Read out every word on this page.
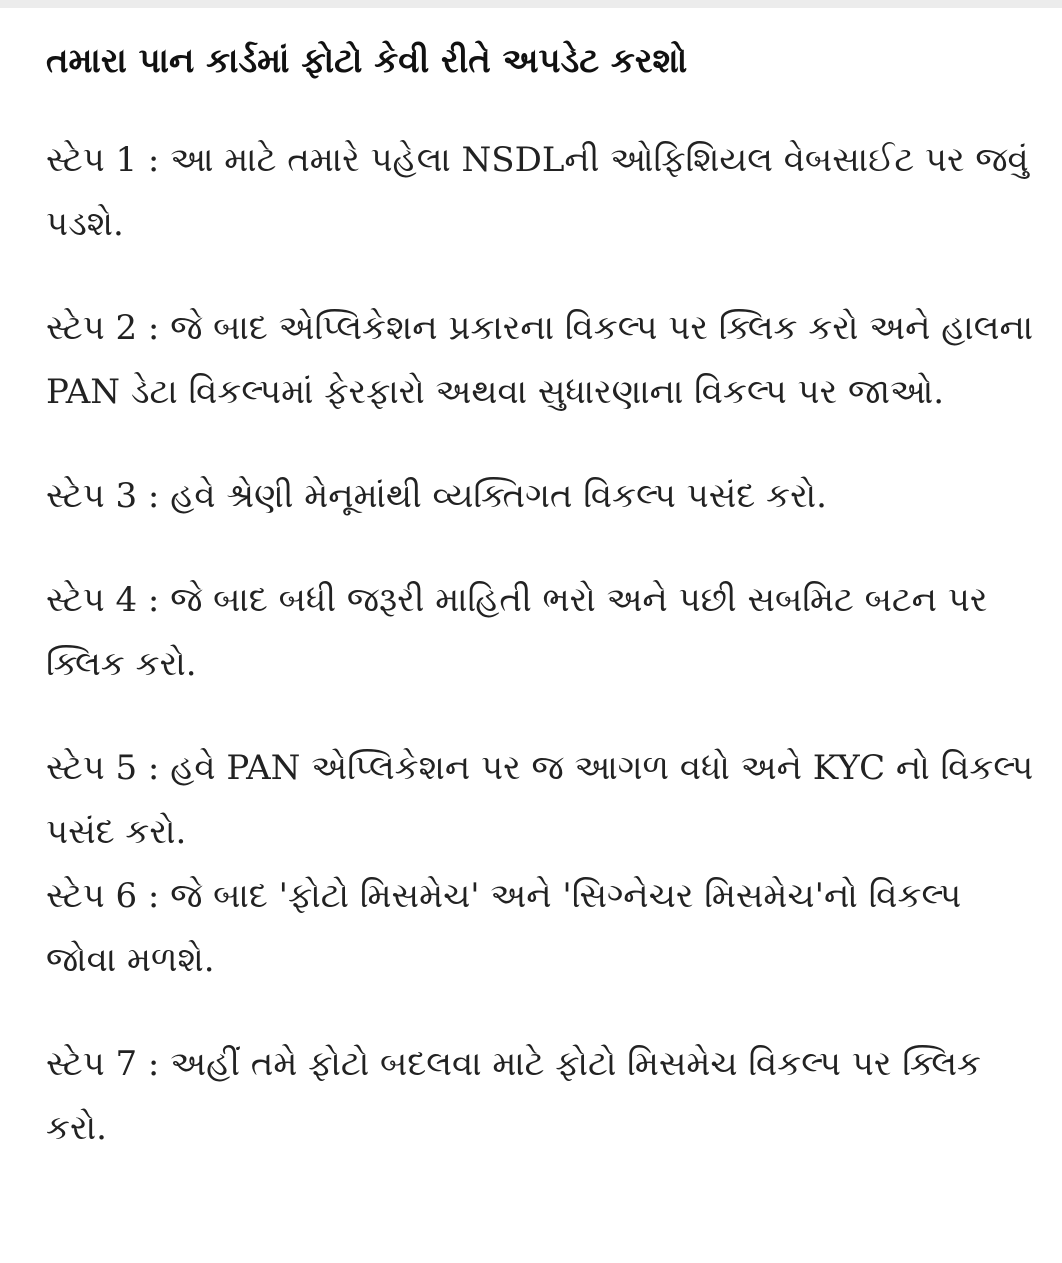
તમારા પાન કાર્ડમાં ફોટો કેવી રીતે અપડેટ કરશો

સ્ટેપ 1 : આ માટે તમારે પહેલા NSDLની ઓફિશિયલ વેબસાઈટ પર જવું પડશે.

સ્ટેપ 2 : જે બાદ એપ્લિકેશન પ્રકારના વિકલ્પ પર ક્લિક કરો અને હાલના PAN ડેટા વિકલ્પમાં ફેરફારો અથવા સુધારણાના વિકલ્પ પર જાઓ.

સ્ટેપ 3 : હવે શ્રેણી મેનૂમાંથી વ્યક્તિગત વિકલ્પ પસંદ કરો.

સ્ટેપ 4 : જે બાદ બધી જરૂરી માહિતી ભરો અને પછી સબમિટ બટન પર ક્લિક કરો.

સ્ટેપ 5 : હવે PAN એપ્લિકેશન પર જ આગળ વધો અને KYC નો વિકલ્પ પસંદ કરો.

સ્ટેપ 6 : જે બાદ 'ફોટો મિસમેચ' અને 'સિગ્નેચર મિસમેચ'નો વિકલ્પ જોવા મળશે.

સ્ટેપ 7 : અહીં તમે ફોટો બદલવા માટે ફોટો મિસમેચ વિકલ્પ પર ક્લિક કરો.
